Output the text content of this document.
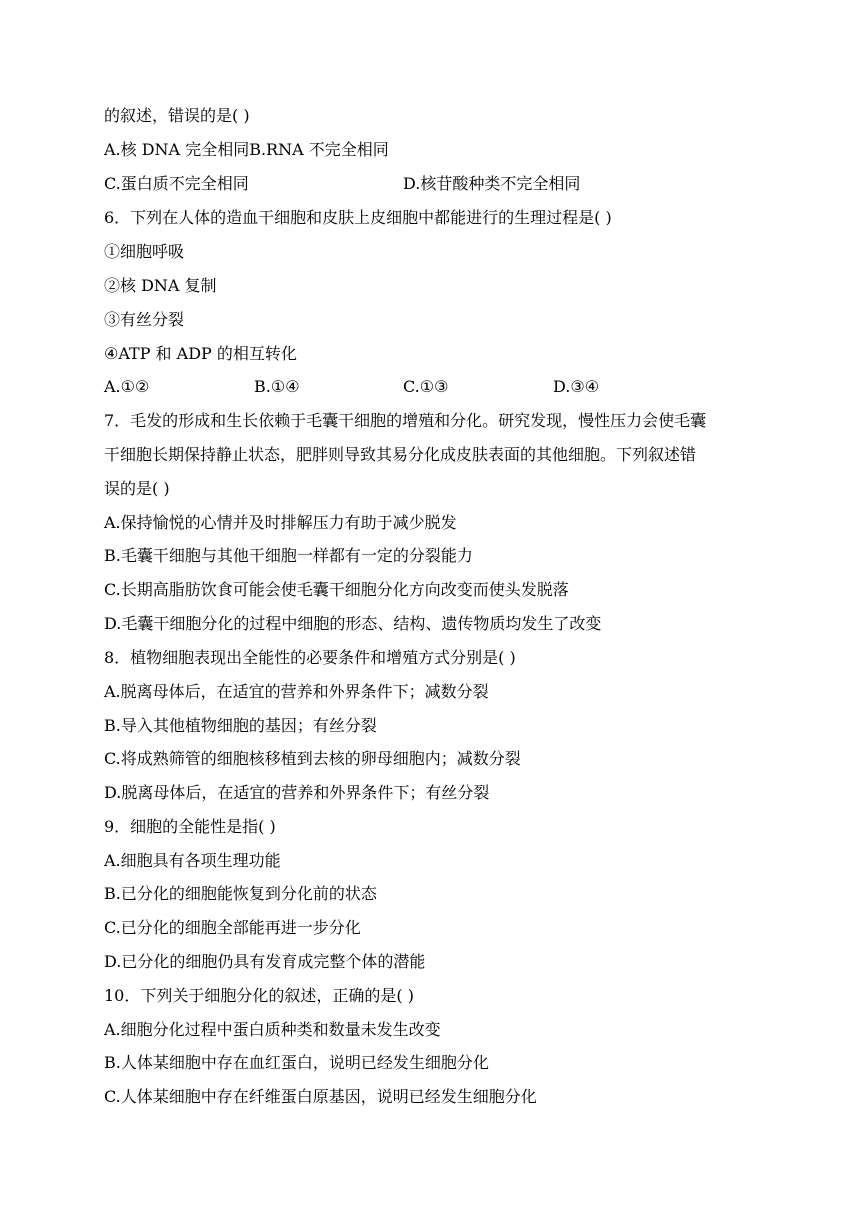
的叙述，错误的是( )
A.核 DNA 完全相同B.RNA 不完全相同
C.蛋白质不完全相同	D.核苷酸种类不完全相同
6．下列在人体的造血干细胞和皮肤上皮细胞中都能进行的生理过程是( )
①细胞呼吸
②核 DNA 复制
③有丝分裂
④ATP 和 ADP 的相互转化
A.①②	B.①④	C.①③	D.③④
7．毛发的形成和生长依赖于毛囊干细胞的增殖和分化。研究发现，慢性压力会使毛囊
干细胞长期保持静止状态，肥胖则导致其易分化成皮肤表面的其他细胞。下列叙述错
误的是( )
A.保持愉悦的心情并及时排解压力有助于减少脱发
B.毛囊干细胞与其他干细胞一样都有一定的分裂能力
C.长期高脂肪饮食可能会使毛囊干细胞分化方向改变而使头发脱落
D.毛囊干细胞分化的过程中细胞的形态、结构、遗传物质均发生了改变
8．植物细胞表现出全能性的必要条件和增殖方式分别是( )
A.脱离母体后，在适宜的营养和外界条件下；减数分裂
B.导入其他植物细胞的基因；有丝分裂
C.将成熟筛管的细胞核移植到去核的卵母细胞内；减数分裂
D.脱离母体后，在适宜的营养和外界条件下；有丝分裂
9．细胞的全能性是指( )
A.细胞具有各项生理功能
B.已分化的细胞能恢复到分化前的状态
C.已分化的细胞全部能再进一步分化
D.已分化的细胞仍具有发育成完整个体的潜能
10．下列关于细胞分化的叙述，正确的是( )
A.细胞分化过程中蛋白质种类和数量未发生改变
B.人体某细胞中存在血红蛋白，说明已经发生细胞分化
C.人体某细胞中存在纤维蛋白原基因，说明已经发生细胞分化
